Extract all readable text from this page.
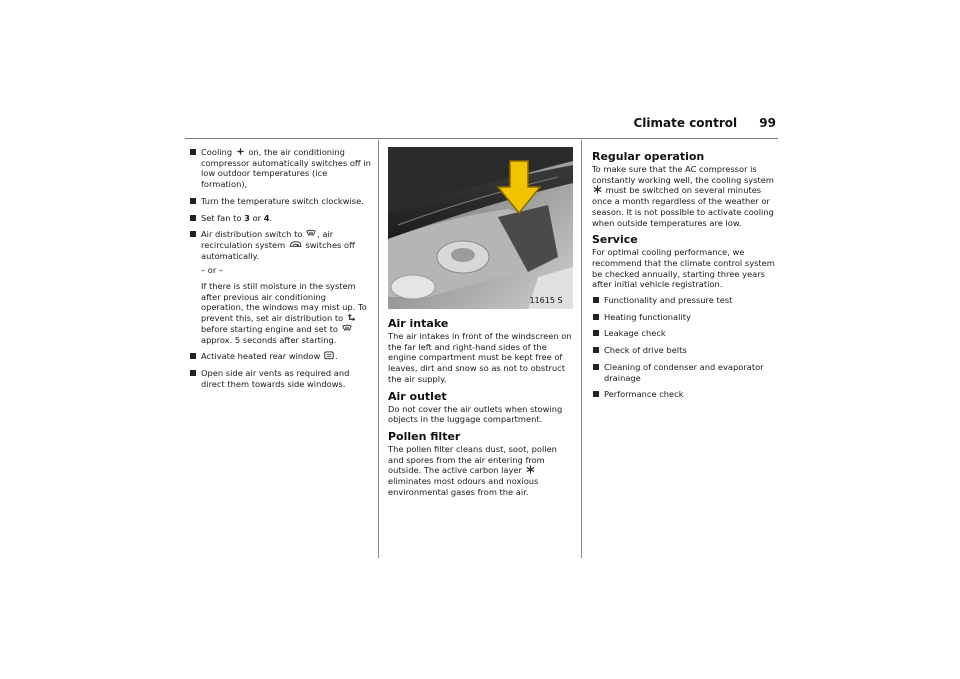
Climate control 99
Cooling on, the air conditioning compressor automatically switches off in low outdoor temperatures (ice formation),
Turn the temperature switch clockwise.
Set fan to 3 or 4.
Air distribution switch to , air recirculation system switches off automatically.
– or –
If there is still moisture in the system after previous air conditioning operation, the windows may mist up. To prevent this, set air distribution to  before starting engine and set to  approx. 5 seconds after starting.
Activate heated rear window .
Open side air vents as required and direct them towards side windows.
11615 S
Air intake

The air intakes in front of the windscreen on the far left and right-hand sides of the engine compartment must be kept free of leaves, dirt and snow so as not to obstruct the air supply.

Air outlet

Do not cover the air outlets when stowing objects in the luggage compartment.

Pollen filter

The pollen filter cleans dust, soot, pollen and spores from the air entering from outside. The active carbon layer  eliminates most odours and noxious environmental gases from the air.

Regular operation

To make sure that the AC compressor is constantly working well, the cooling system  must be switched on several minutes once a month regardless of the weather or season. It is not possible to activate cooling when outside temperatures are low.

Service

For optimal cooling performance, we recommend that the climate control system be checked annually, starting three years after initial vehicle registration.

Functionality and pressure test
Heating functionality
Leakage check
Check of drive belts
Cleaning of condenser and evaporator drainage
Performance check
